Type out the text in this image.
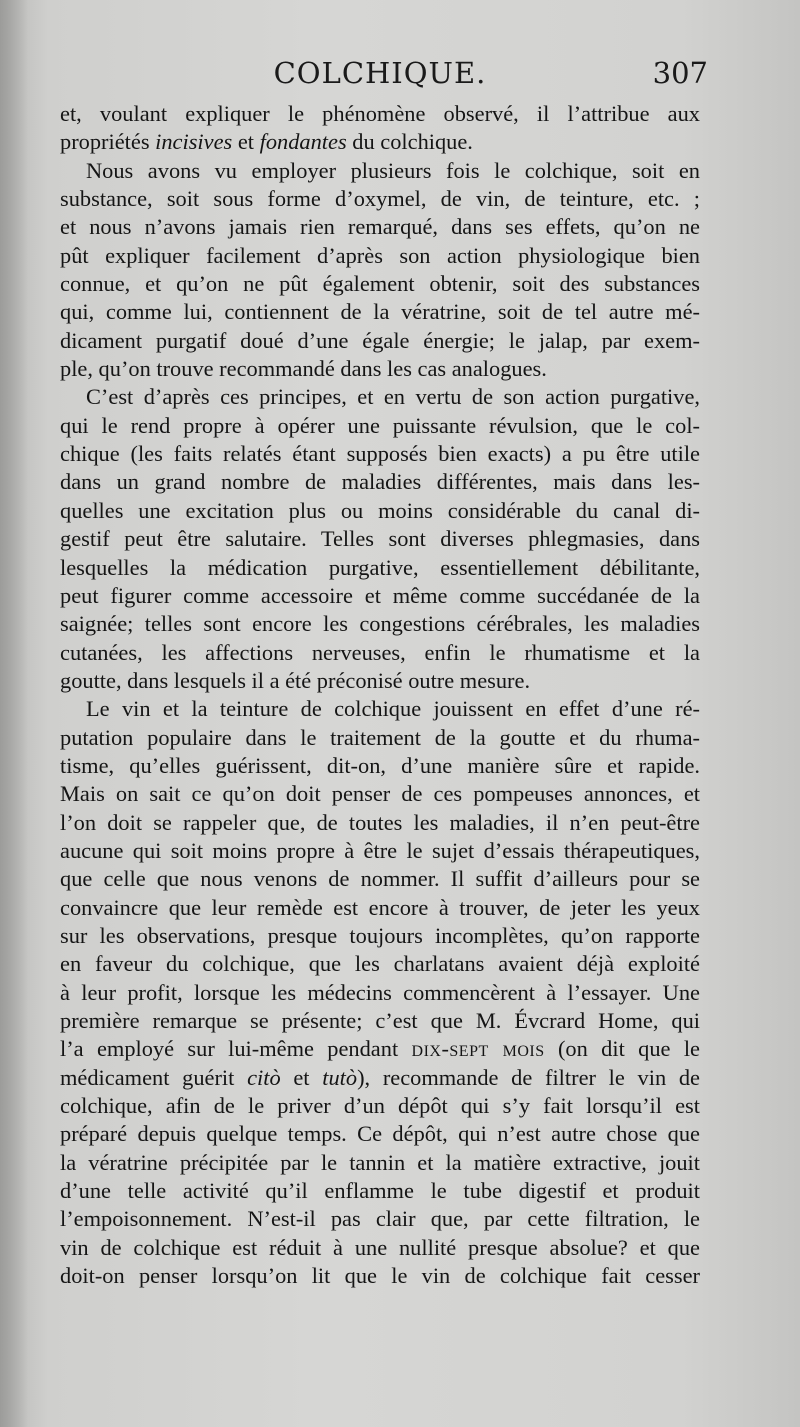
COLCHIQUE.	307
et, voulant expliquer le phénomène observé, il l’attribue aux
propriétés incisives et fondantes du colchique.
Nous avons vu employer plusieurs fois le colchique, soit en
substance, soit sous forme d’oxymel, de vin, de teinture, etc. ;
et nous n’avons jamais rien remarqué, dans ses effets, qu’on ne
pût expliquer facilement d’après son action physiologique bien
connue, et qu’on ne pût également obtenir, soit des substances
qui, comme lui, contiennent de la vératrine, soit de tel autre mé-
dicament purgatif doué d’une égale énergie; le jalap, par exem-
ple, qu’on trouve recommandé dans les cas analogues.
C’est d’après ces principes, et en vertu de son action purgative,
qui le rend propre à opérer une puissante révulsion, que le col-
chique (les faits relatés étant supposés bien exacts) a pu être utile
dans un grand nombre de maladies différentes, mais dans les-
quelles une excitation plus ou moins considérable du canal di-
gestif peut être salutaire. Telles sont diverses phlegmasies, dans
lesquelles la médication purgative, essentiellement débilitante,
peut figurer comme accessoire et même comme succédanée de la
saignée; telles sont encore les congestions cérébrales, les maladies
cutanées, les affections nerveuses, enfin le rhumatisme et la
goutte, dans lesquels il a été préconisé outre mesure.
Le vin et la teinture de colchique jouissent en effet d’une ré-
putation populaire dans le traitement de la goutte et du rhuma-
tisme, qu’elles guérissent, dit-on, d’une manière sûre et rapide.
Mais on sait ce qu’on doit penser de ces pompeuses annonces, et
l’on doit se rappeler que, de toutes les maladies, il n’en peut-être
aucune qui soit moins propre à être le sujet d’essais thérapeutiques,
que celle que nous venons de nommer. Il suffit d’ailleurs pour se
convaincre que leur remède est encore à trouver, de jeter les yeux
sur les observations, presque toujours incomplètes, qu’on rapporte
en faveur du colchique, que les charlatans avaient déjà exploité
à leur profit, lorsque les médecins commencèrent à l’essayer. Une
première remarque se présente; c’est que M. Évcrard Home, qui
l’a employé sur lui-même pendant dix-sept mois (on dit que le
médicament guérit citò et tutò), recommande de filtrer le vin de
colchique, afin de le priver d’un dépôt qui s’y fait lorsqu’il est
préparé depuis quelque temps. Ce dépôt, qui n’est autre chose que
la vératrine précipitée par le tannin et la matière extractive, jouit
d’une telle activité qu’il enflamme le tube digestif et produit
l’empoisonnement. N’est-il pas clair que, par cette filtration, le
vin de colchique est réduit à une nullité presque absolue? et que
doit-on penser lorsqu’on lit que le vin de colchique fait cesser
